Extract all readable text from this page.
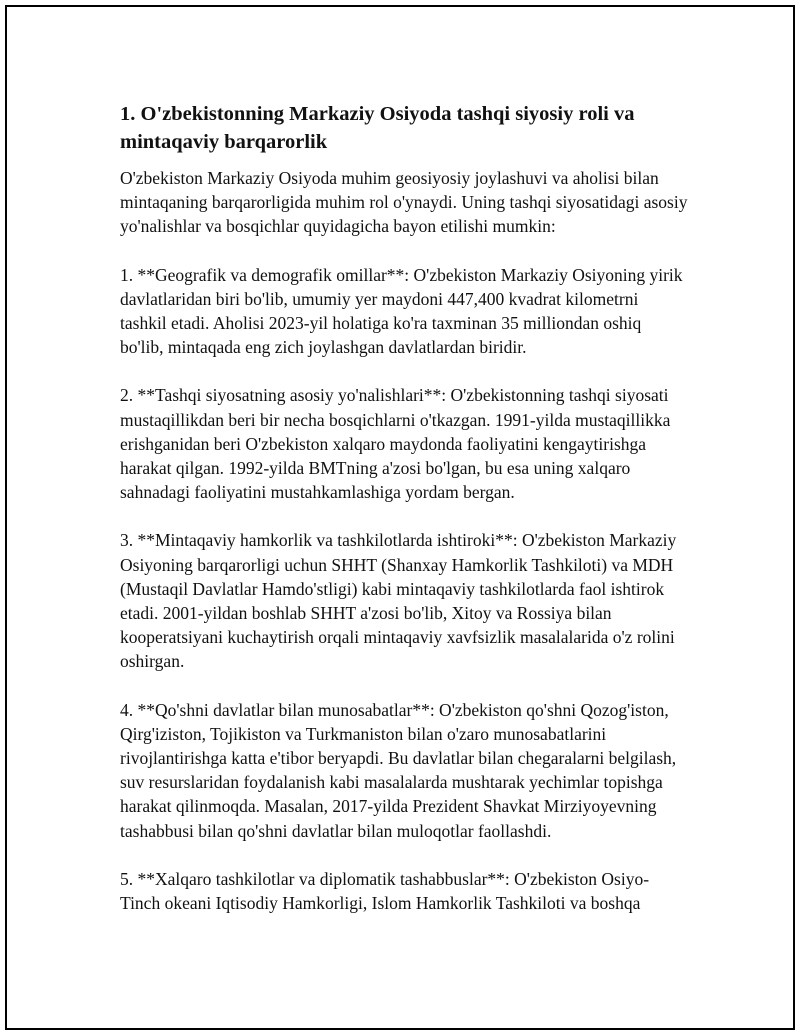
1. O'zbekistonning Markaziy Osiyoda tashqi siyosiy roli va mintaqaviy barqarorlik

O'zbekiston Markaziy Osiyoda muhim geosiyosiy joylashuvi va aholisi bilan mintaqaning barqarorligida muhim rol o'ynaydi. Uning tashqi siyosatidagi asosiy yo'nalishlar va bosqichlar quyidagicha bayon etilishi mumkin:

1. **Geografik va demografik omillar**: O'zbekiston Markaziy Osiyoning yirik davlatlaridan biri bo'lib, umumiy yer maydoni 447,400 kvadrat kilometrni tashkil etadi. Aholisi 2023-yil holatiga ko'ra taxminan 35 milliondan oshiq bo'lib, mintaqada eng zich joylashgan davlatlardan biridir.

2. **Tashqi siyosatning asosiy yo'nalishlari**: O'zbekistonning tashqi siyosati mustaqillikdan beri bir necha bosqichlarni o'tkazgan. 1991-yilda mustaqillikka erishganidan beri O'zbekiston xalqaro maydonda faoliyatini kengaytirishga harakat qilgan. 1992-yilda BMTning a'zosi bo'lgan, bu esa uning xalqaro sahnadagi faoliyatini mustahkamlashiga yordam bergan.

3. **Mintaqaviy hamkorlik va tashkilotlarda ishtiroki**: O'zbekiston Markaziy Osiyoning barqarorligi uchun SHHT (Shanxay Hamkorlik Tashkiloti) va MDH (Mustaqil Davlatlar Hamdo'stligi) kabi mintaqaviy tashkilotlarda faol ishtirok etadi. 2001-yildan boshlab SHHT a'zosi bo'lib, Xitoy va Rossiya bilan kooperatsiyani kuchaytirish orqali mintaqaviy xavfsizlik masalalarida o'z rolini oshirgan.

4. **Qo'shni davlatlar bilan munosabatlar**: O'zbekiston qo'shni Qozog'iston, Qirg'iziston, Tojikiston va Turkmaniston bilan o'zaro munosabatlarini rivojlantirishga katta e'tibor beryapdi. Bu davlatlar bilan chegaralarni belgilash, suv resurslaridan foydalanish kabi masalalarda mushtarak yechimlar topishga harakat qilinmoqda. Masalan, 2017-yilda Prezident Shavkat Mirziyoyevning tashabbusi bilan qo'shni davlatlar bilan muloqotlar faollashdi.

5. **Xalqaro tashkilotlar va diplomatik tashabbuslar**: O'zbekiston Osiyo-Tinch okeani Iqtisodiy Hamkorligi, Islom Hamkorlik Tashkiloti va boshqa
